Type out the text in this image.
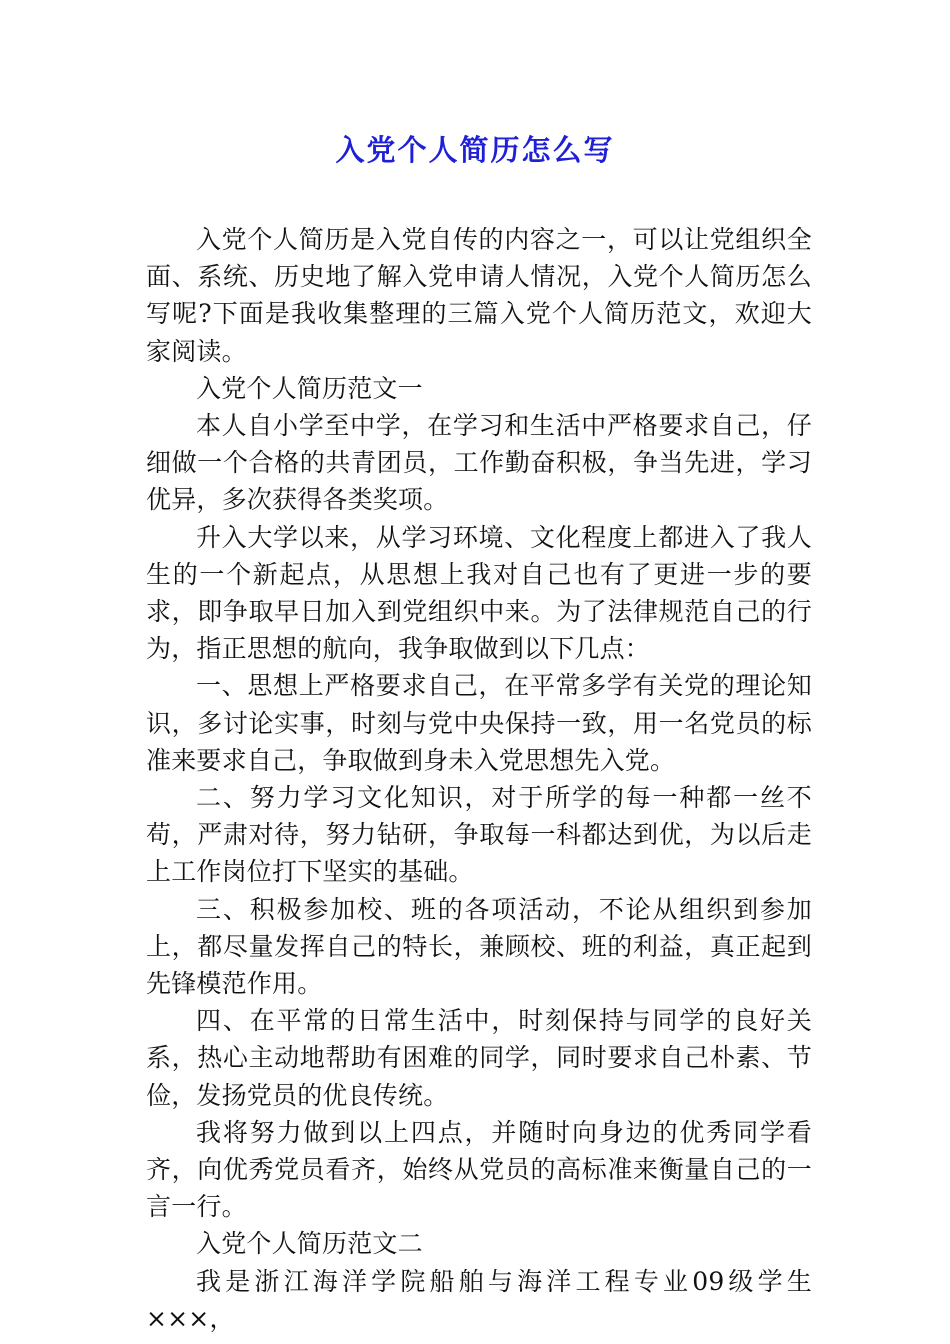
入党个人简历怎么写

入党个人简历是入党自传的内容之一，可以让党组织全面、系统、历史地了解入党申请人情况，入党个人简历怎么写呢?下面是我收集整理的三篇入党个人简历范文，欢迎大家阅读。

入党个人简历范文一

本人自小学至中学，在学习和生活中严格要求自己，仔细做一个合格的共青团员，工作勤奋积极，争当先进，学习优异，多次获得各类奖项。

升入大学以来，从学习环境、文化程度上都进入了我人生的一个新起点，从思想上我对自己也有了更进一步的要求，即争取早日加入到党组织中来。为了法律规范自己的行为，指正思想的航向，我争取做到以下几点：

一、思想上严格要求自己，在平常多学有关党的理论知识，多讨论实事，时刻与党中央保持一致，用一名党员的标准来要求自己，争取做到身未入党思想先入党。

二、努力学习文化知识，对于所学的每一种都一丝不苟，严肃对待，努力钻研，争取每一科都达到优，为以后走上工作岗位打下坚实的基础。

三、积极参加校、班的各项活动，不论从组织到参加上，都尽量发挥自己的特长，兼顾校、班的利益，真正起到先锋模范作用。

四、在平常的日常生活中，时刻保持与同学的良好关系，热心主动地帮助有困难的同学，同时要求自己朴素、节俭，发扬党员的优良传统。

我将努力做到以上四点，并随时向身边的优秀同学看齐，向优秀党员看齐，始终从党员的高标准来衡量自己的一言一行。

入党个人简历范文二

我是浙江海洋学院船舶与海洋工程专业09级学生×××，
